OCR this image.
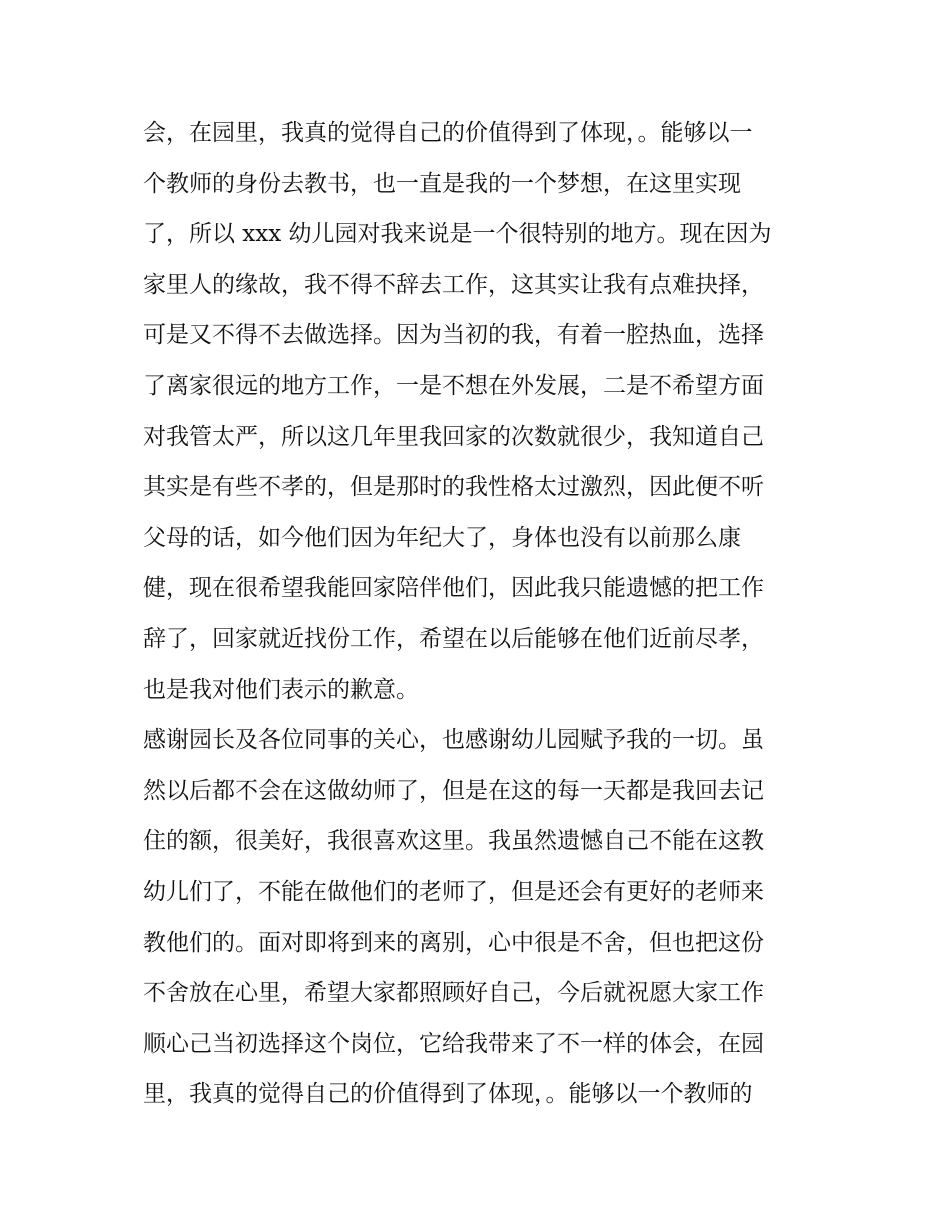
会，在园里，我真的觉得自己的价值得到了体现，。能够以一
个教师的身份去教书，也一直是我的一个梦想，在这里实现
了，所以 xxx 幼儿园对我来说是一个很特别的地方。现在因为
家里人的缘故，我不得不辞去工作，这其实让我有点难抉择，
可是又不得不去做选择。因为当初的我，有着一腔热血，选择
了离家很远的地方工作，一是不想在外发展，二是不希望方面
对我管太严，所以这几年里我回家的次数就很少，我知道自己
其实是有些不孝的，但是那时的我性格太过激烈，因此便不听
父母的话，如今他们因为年纪大了，身体也没有以前那么康
健，现在很希望我能回家陪伴他们，因此我只能遗憾的把工作
辞了，回家就近找份工作，希望在以后能够在他们近前尽孝，
也是我对他们表示的歉意。
感谢园长及各位同事的关心，也感谢幼儿园赋予我的一切。虽
然以后都不会在这做幼师了，但是在这的每一天都是我回去记
住的额，很美好，我很喜欢这里。我虽然遗憾自己不能在这教
幼儿们了，不能在做他们的老师了，但是还会有更好的老师来
教他们的。面对即将到来的离别，心中很是不舍，但也把这份
不舍放在心里，希望大家都照顾好自己，今后就祝愿大家工作
顺心己当初选择这个岗位，它给我带来了不一样的体会，在园
里，我真的觉得自己的价值得到了体现，。能够以一个教师的
